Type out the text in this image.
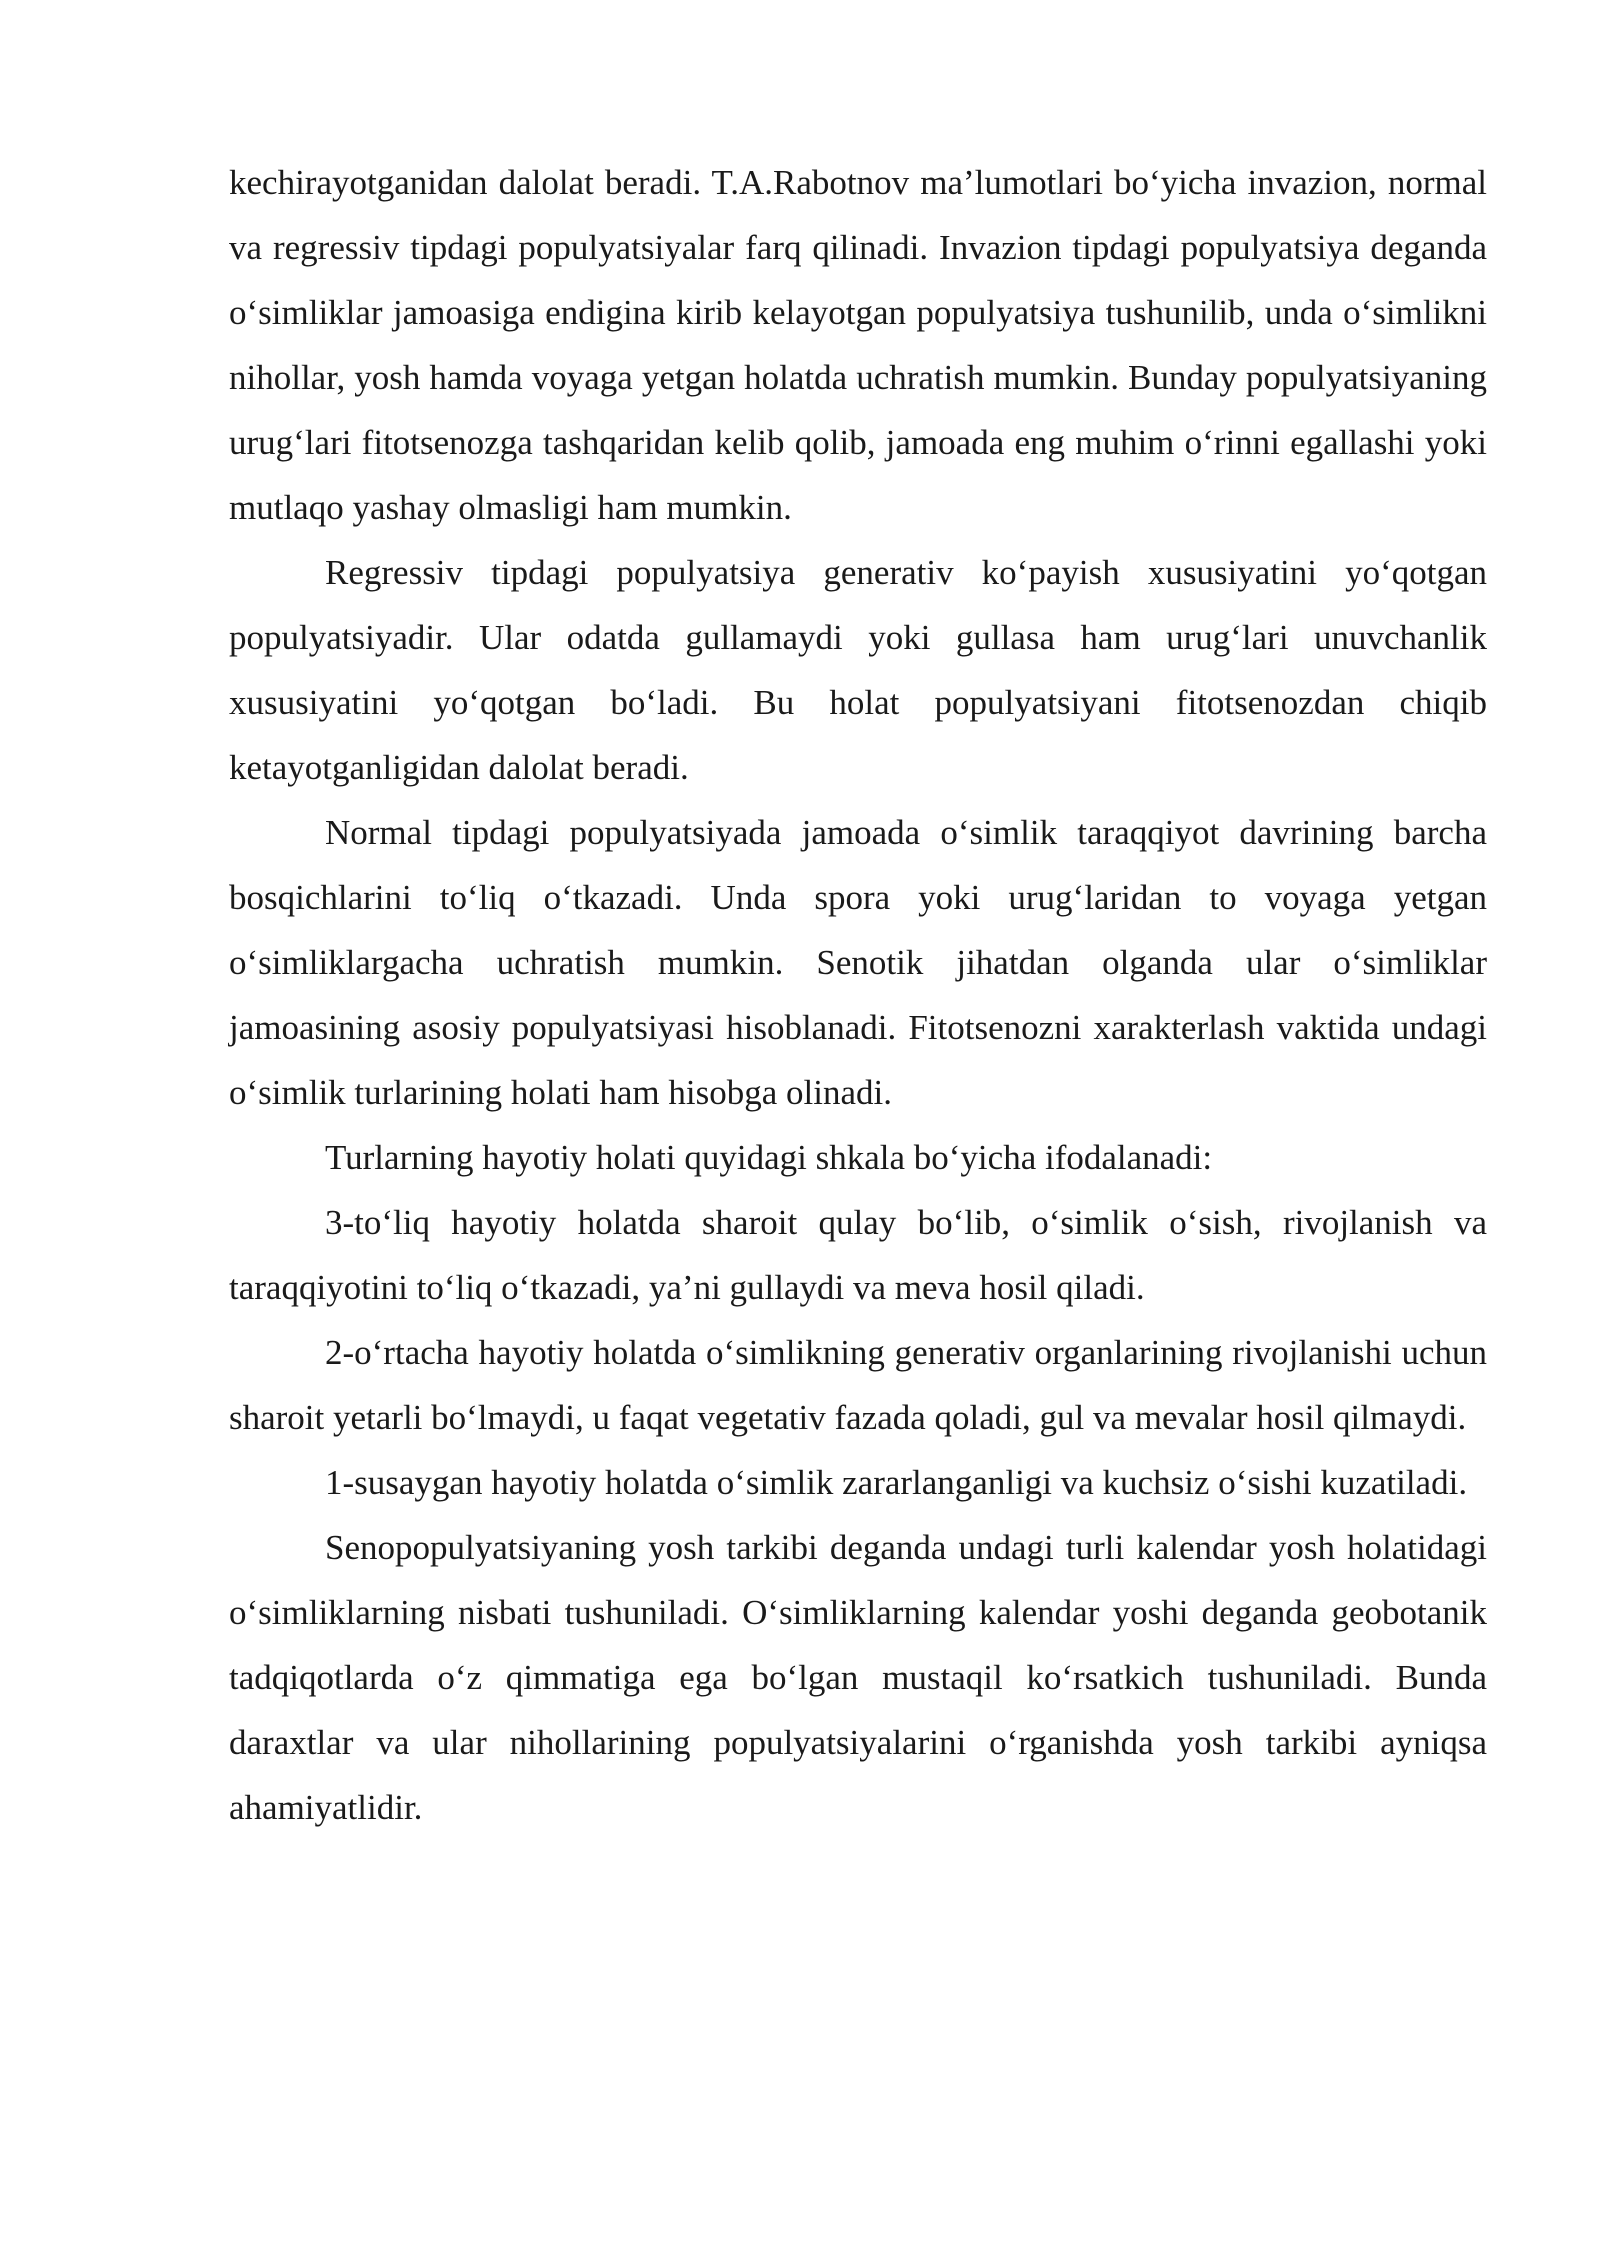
kechirayotganidan dalolat beradi. T.A.Rabotnov ma’lumotlari bo‘yicha invazion, normal va regressiv tipdagi populyatsiyalar farq qilinadi. Invazion tipdagi populyatsiya deganda o‘simliklar jamoasiga endigina kirib kelayotgan populyatsiya tushunilib, unda o‘simlikni nihollar, yosh hamda voyaga yetgan holatda uchratish mumkin. Bunday populyatsiyaning urug‘lari fitotsenozga tashqaridan kelib qolib, jamoada eng muhim o‘rinni egallashi yoki mutlaqo yashay olmasligi ham mumkin.

Regressiv tipdagi populyatsiya generativ ko‘payish xususiyatini yo‘qotgan populyatsiyadir. Ular odatda gullamaydi yoki gullasa ham urug‘lari unuvchanlik xususiyatini yo‘qotgan bo‘ladi. Bu holat populyatsiyani fitotsenozdan chiqib ketayotganligidan dalolat beradi.

Normal tipdagi populyatsiyada jamoada o‘simlik taraqqiyot davrining barcha bosqichlarini to‘liq o‘tkazadi. Unda spora yoki urug‘laridan to voyaga yetgan o‘simliklargacha uchratish mumkin. Senotik jihatdan olganda ular o‘simliklar jamoasining asosiy populyatsiyasi hisoblanadi. Fitotsenozni xarakterlash vaktida undagi o‘simlik turlarining holati ham hisobga olinadi.

Turlarning hayotiy holati quyidagi shkala bo‘yicha ifodalanadi:

3-to‘liq hayotiy holatda sharoit qulay bo‘lib, o‘simlik o‘sish, rivojlanish va taraqqiyotini to‘liq o‘tkazadi, ya’ni gullaydi va meva hosil qiladi.

2-o‘rtacha hayotiy holatda o‘simlikning generativ organlarining rivojlanishi uchun sharoit yetarli bo‘lmaydi, u faqat vegetativ fazada qoladi, gul va mevalar hosil qilmaydi.

1-susaygan hayotiy holatda o‘simlik zararlanganligi va kuchsiz o‘sishi kuzatiladi.

Senopopulyatsiyaning yosh tarkibi deganda undagi turli kalendar yosh holatidagi o‘simliklarning nisbati tushuniladi. O‘simliklarning kalendar yoshi deganda geobotanik tadqiqotlarda o‘z qimmatiga ega bo‘lgan mustaqil ko‘rsatkich tushuniladi. Bunda daraxtlar va ular nihollarining populyatsiyalarini o‘rganishda yosh tarkibi ayniqsa ahamiyatlidir.
